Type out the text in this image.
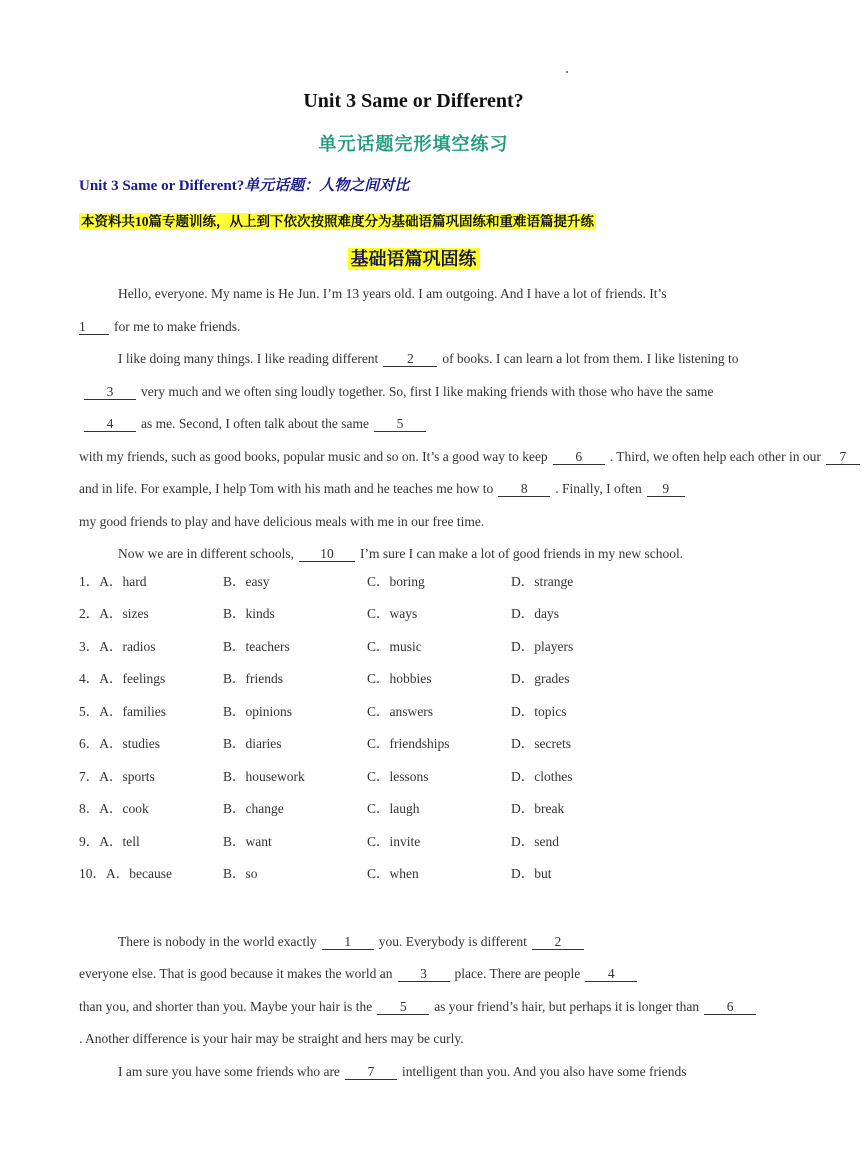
Unit 3 Same or Different?
单元话题完形填空练习
Unit 3 Same or Different?单元话题：人物之间对比
本资料共10篇专题训练，从上到下依次按照难度分为基础语篇巩固练和重难语篇提升练
基础语篇巩固练

Hello, everyone. My name is He Jun. I’m 13 years old. I am outgoing. And I have a lot of friends. It’s
1 for me to make friends.

I like doing many things. I like reading different 2 of books. I can learn a lot from them. I like listening to
3 very much and we often sing loudly together. So, first I like making friends with those who have the same
4 as me. Second, I often talk about the same 5
with my friends, such as good books, popular music and so on. It’s a good way to keep 6 . Third, we often help each other in our 7
and in life. For example, I help Tom with his math and he teaches me how to 8 . Finally, I often 9
my good friends to play and have delicious meals with me in our free time.

Now we are in different schools, 10 I’m sure I can make a lot of good friends in my new school.

1．A．hard	B．easy	C．boring	D．strange
2．A．sizes	B．kinds	C．ways	D．days
3．A．radios	B．teachers	C．music	D．players
4．A．feelings	B．friends	C．hobbies	D．grades
5．A．families	B．opinions	C．answers	D．topics
6．A．studies	B．diaries	C．friendships	D．secrets
7．A．sports	B．housework	C．lessons	D．clothes
8．A．cook	B．change	C．laugh	D．break
9．A．tell	B．want	C．invite	D．send
10．A．because	B．so	C．when	D．but

There is nobody in the world exactly 1 you. Everybody is different 2
everyone else. That is good because it makes the world an 3 place. There are people 4
than you, and shorter than you. Maybe your hair is the 5 as your friend’s hair, but perhaps it is longer than 6
. Another difference is your hair may be straight and hers may be curly.

I am sure you have some friends who are 7 intelligent than you. And you also have some friends
